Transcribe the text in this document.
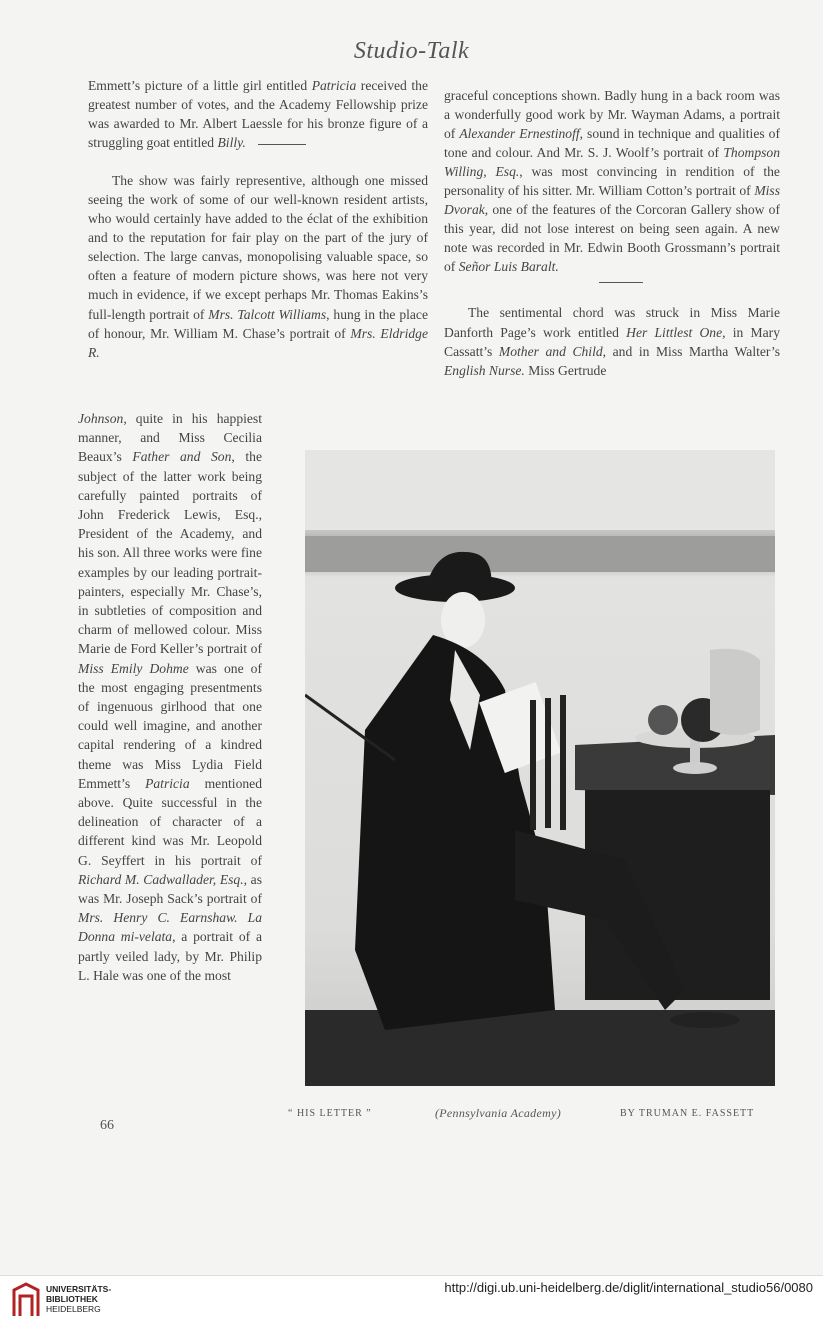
Studio-Talk

Emmett’s picture of a little girl entitled Patricia received the greatest number of votes, and the Academy Fellowship prize was awarded to Mr. Albert Laessle for his bronze figure of a struggling goat entitled Billy.

The show was fairly representive, although one missed seeing the work of some of our well-known resident artists, who would certainly have added to the éclat of the exhibition and to the reputation for fair play on the part of the jury of selection. The large canvas, monopolising valuable space, so often a feature of modern picture shows, was here not very much in evidence, if we except perhaps Mr. Thomas Eakins’s full-length portrait of Mrs. Talcott Williams, hung in the place of honour, Mr. William M. Chase’s portrait of Mrs. Eldridge R.

Johnson, quite in his happiest manner, and Miss Cecilia Beaux’s Father and Son, the subject of the latter work being carefully painted portraits of John Frederick Lewis, Esq., President of the Academy, and his son. All three works were fine examples by our leading portrait-painters, especially Mr. Chase’s, in subtleties of composition and charm of mellowed colour. Miss Marie de Ford Keller’s portrait of Miss Emily Dohme was one of the most engaging presentments of ingenuous girlhood that one could well imagine, and another capital rendering of a kindred theme was Miss Lydia Field Emmett’s Patricia mentioned above. Quite successful in the delineation of character of a different kind was Mr. Leopold G. Seyffert in his portrait of Richard M. Cadwallader, Esq., as was Mr. Joseph Sack’s portrait of Mrs. Henry C. Earnshaw. La Donna mi-velata, a portrait of a partly veiled lady, by Mr. Philip L. Hale was one of the most

graceful conceptions shown. Badly hung in a back room was a wonderfully good work by Mr. Wayman Adams, a portrait of Alexander Ernestinoff, sound in technique and qualities of tone and colour. And Mr. S. J. Woolf’s portrait of Thompson Willing, Esq., was most convincing in rendition of the personality of his sitter. Mr. William Cotton’s portrait of Miss Dvorak, one of the features of the Corcoran Gallery show of this year, did not lose interest on being seen again. A new note was recorded in Mr. Edwin Booth Grossmann’s portrait of Señor Luis Baralt.

The sentimental chord was struck in Miss Marie Danforth Page’s work entitled Her Littlest One, in Mary Cassatt’s Mother and Child, and in Miss Martha Walter’s English Nurse. Miss Gertrude

“ HIS LETTER ”	(Pennsylvania Academy)	BY TRUMAN E. FASSETT
66
UNIVERSITÄTS-
BIBLIOTHEK
HEIDELBERG
http://digi.ub.uni-heidelberg.de/diglit/international_studio56/0080
